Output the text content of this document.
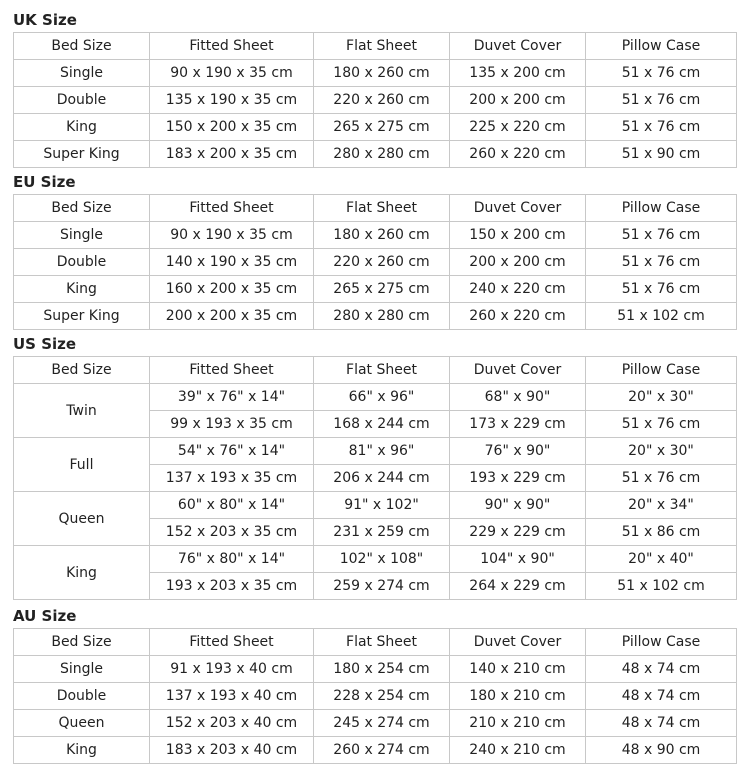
UK Size
Bed Size	Fitted Sheet	Flat Sheet	Duvet Cover	Pillow Case
Single	90 x 190 x 35 cm	180 x 260 cm	135 x 200 cm	51 x 76 cm
Double	135 x 190 x 35 cm	220 x 260 cm	200 x 200 cm	51 x 76 cm
King	150 x 200 x 35 cm	265 x 275 cm	225 x 220 cm	51 x 76 cm
Super King	183 x 200 x 35 cm	280 x 280 cm	260 x 220 cm	51 x 90 cm
EU Size
Bed Size	Fitted Sheet	Flat Sheet	Duvet Cover	Pillow Case
Single	90 x 190 x 35 cm	180 x 260 cm	150 x 200 cm	51 x 76 cm
Double	140 x 190 x 35 cm	220 x 260 cm	200 x 200 cm	51 x 76 cm
King	160 x 200 x 35 cm	265 x 275 cm	240 x 220 cm	51 x 76 cm
Super King	200 x 200 x 35 cm	280 x 280 cm	260 x 220 cm	51 x 102 cm
US Size
Bed Size	Fitted Sheet	Flat Sheet	Duvet Cover	Pillow Case
Twin	39" x 76" x 14"	66" x 96"	68" x 90"	20" x 30"
	99 x 193 x 35 cm	168 x 244 cm	173 x 229 cm	51 x 76 cm
Full	54" x 76" x 14"	81" x 96"	76" x 90"	20" x 30"
	137 x 193 x 35 cm	206 x 244 cm	193 x 229 cm	51 x 76 cm
Queen	60" x 80" x 14"	91" x 102"	90" x 90"	20" x 34"
	152 x 203 x 35 cm	231 x 259 cm	229 x 229 cm	51 x 86 cm
King	76" x 80" x 14"	102" x 108"	104" x 90"	20" x 40"
	193 x 203 x 35 cm	259 x 274 cm	264 x 229 cm	51 x 102 cm
AU Size
Bed Size	Fitted Sheet	Flat Sheet	Duvet Cover	Pillow Case
Single	91 x 193 x 40 cm	180 x 254 cm	140 x 210 cm	48 x 74 cm
Double	137 x 193 x 40 cm	228 x 254 cm	180 x 210 cm	48 x 74 cm
Queen	152 x 203 x 40 cm	245 x 274 cm	210 x 210 cm	48 x 74 cm
King	183 x 203 x 40 cm	260 x 274 cm	240 x 210 cm	48 x 90 cm
